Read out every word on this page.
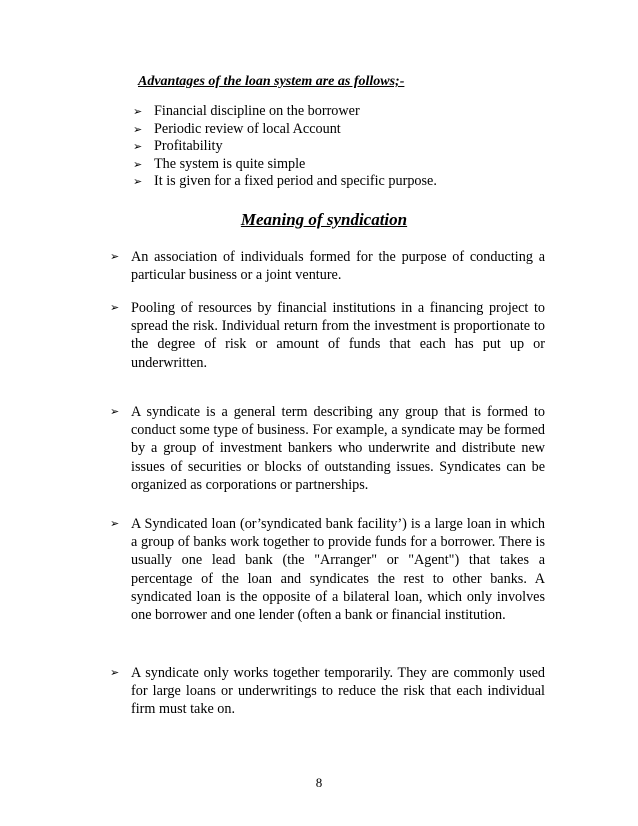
Advantages of the loan system are as follows;-
➢ Financial discipline on the borrower
➢ Periodic review of local Account
➢ Profitability
➢ The system is quite simple
➢ It is given for a fixed period and specific purpose.
Meaning of syndication
➢ An association of individuals formed for the purpose of conducting a particular business or a joint venture.
➢ Pooling of resources by financial institutions in a financing project to spread the risk. Individual return from the investment is proportionate to the degree of risk or amount of funds that each has put up or underwritten.
➢ A syndicate is a general term describing any group that is formed to conduct some type of business. For example, a syndicate may be formed by a group of investment bankers who underwrite and distribute new issues of securities or blocks of outstanding issues. Syndicates can be organized as corporations or partnerships.
➢ A Syndicated loan (or’syndicated bank facility’) is a large loan in which a group of banks work together to provide funds for a borrower. There is usually one lead bank (the "Arranger" or "Agent") that takes a percentage of the loan and syndicates the rest to other banks. A syndicated loan is the opposite of a bilateral loan, which only involves one borrower and one lender (often a bank or financial institution.
➢ A syndicate only works together temporarily. They are commonly used for large loans or underwritings to reduce the risk that each individual firm must take on.
8
